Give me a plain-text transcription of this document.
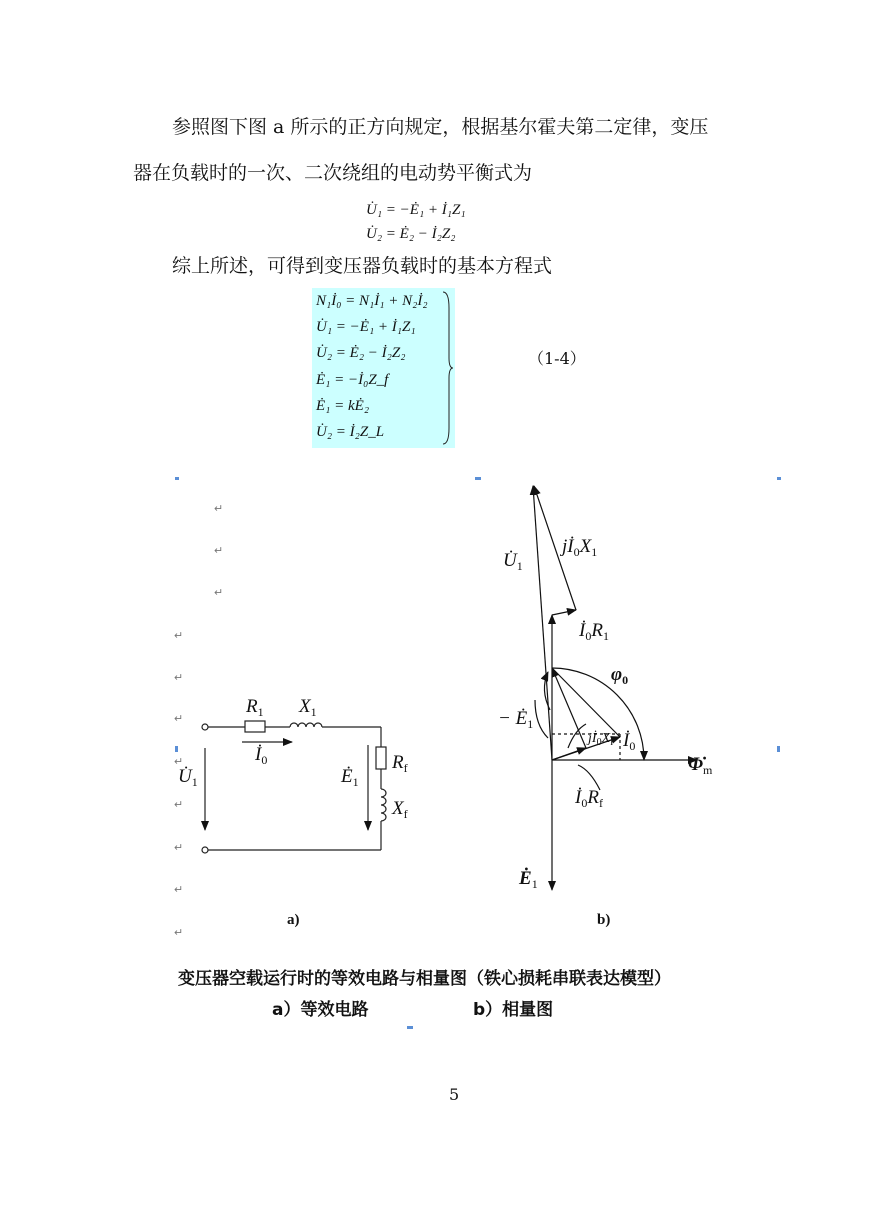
参照图下图 a 所示的正方向规定，根据基尔霍夫第二定律，变压
器在负载时的一次、二次绕组的电动势平衡式为
U̇₁ = −Ė₁ + İ₁Z₁
U̇₂ = Ė₂ − İ₂Z₂
综上所述，可得到变压器负载时的基本方程式
N₁İ₀ = N₁İ₁ + N₂İ₂
U̇₁ = −Ė₁ + İ₁Z₁
U̇₂ = Ė₂ − İ₂Z₂
Ė₁ = −İ₀Z_f
Ė₁ = kĖ₂
U̇₂ = İ₂Z_L
（1-4）
↵
↵
↵
↵
↵
↵
↵
↵
↵
↵
↵
$R_1$ $X_1$
$İ_0$
$U̇_1$	$Ė_1$
$R_f$
$X_f$
a)
$U̇_1$
$jİ_0X_1$
$İ_0R_1$
$\varphi_0$
− $Ė_1$
$jİ_0X_f$ $İ_0$
$\Phi̇_m$
$İ_0R_f$
$Ė_1$
b)
变压器空载运行时的等效电路与相量图（铁心损耗串联表达模型）
a）等效电路	b）相量图
5
